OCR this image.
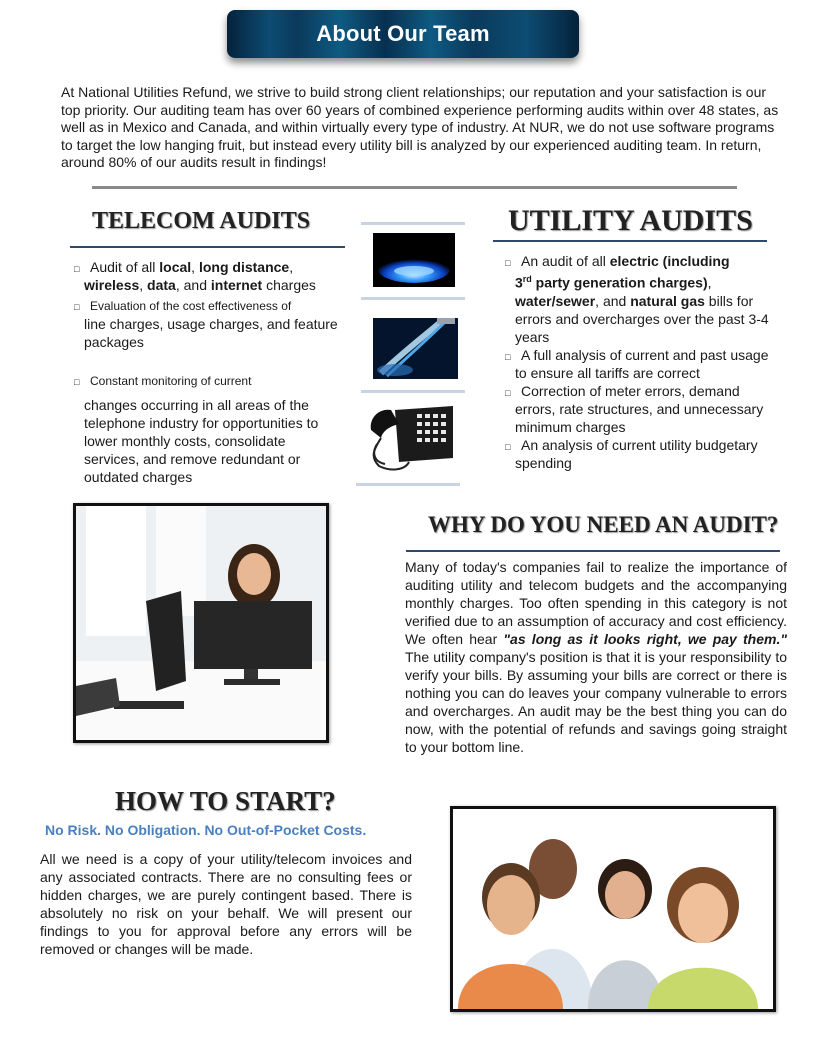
About Our Team

At National Utilities Refund, we strive to build strong client relationships; our reputation and your satisfaction is our top priority. Our auditing team has over 60 years of combined experience performing audits within over 48 states, as well as in Mexico and Canada, and within virtually every type of industry. At NUR, we do not use software programs to target the low hanging fruit, but instead every utility bill is analyzed by our experienced auditing team. In return, around 80% of our audits result in findings!

TELECOM AUDITS
□ Audit of all local, long distance,
wireless, data, and internet charges
□ Evaluation of the cost effectiveness of
line charges, usage charges, and feature packages
□ Constant monitoring of current
changes occurring in all areas of the telephone industry for opportunities to lower monthly costs, consolidate services, and remove redundant or outdated charges
UTILITY AUDITS
□ An audit of all electric (including
3rd party generation charges),
water/sewer, and natural gas bills for errors and overcharges over the past 3-4 years
□ A full analysis of current and past usage to ensure all tariffs are correct
□ Correction of meter errors, demand errors, rate structures, and unnecessary minimum charges
□ An analysis of current utility budgetary spending
WHY DO YOU NEED AN AUDIT?

Many of today's companies fail to realize the importance of auditing utility and telecom budgets and the accompanying monthly charges. Too often spending in this category is not verified due to an assumption of accuracy and cost efficiency. We often hear "as long as it looks right, we pay them." The utility company's position is that it is your responsibility to verify your bills. By assuming your bills are correct or there is nothing you can do leaves your company vulnerable to errors and overcharges. An audit may be the best thing you can do now, with the potential of refunds and savings going straight to your bottom line.

HOW TO START?
No Risk. No Obligation. No Out-of-Pocket Costs.

All we need is a copy of your utility/telecom invoices and any associated contracts. There are no consulting fees or hidden charges, we are purely contingent based. There is absolutely no risk on your behalf. We will present our findings to you for approval before any errors will be removed or changes will be made.
